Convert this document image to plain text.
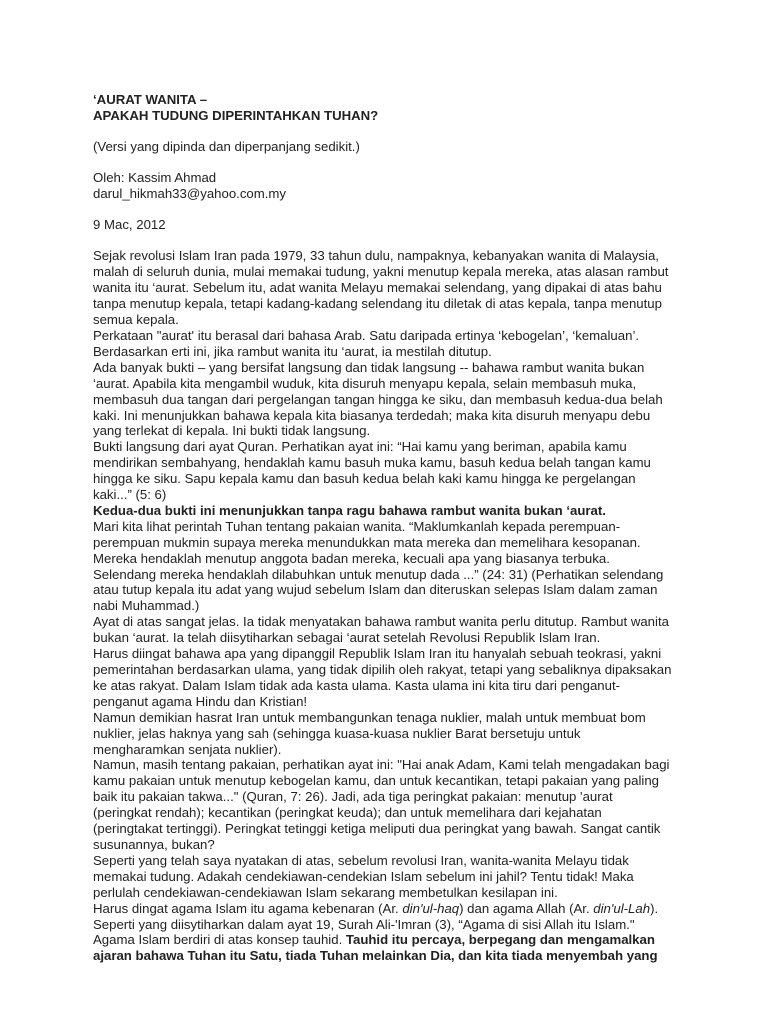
‘AURAT WANITA –

APAKAH TUDUNG DIPERINTAHKAN TUHAN?

(Versi yang dipinda dan diperpanjang sedikit.)

Oleh: Kassim Ahmad

darul_hikmah33@yahoo.com.my

9 Mac, 2012

Sejak revolusi Islam Iran pada 1979, 33 tahun dulu, nampaknya, kebanyakan wanita di Malaysia, malah di seluruh dunia, mulai memakai tudung, yakni menutup kepala mereka, atas alasan rambut wanita itu ‘aurat. Sebelum itu, adat wanita Melayu memakai selendang, yang dipakai di atas bahu tanpa menutup kepala, tetapi kadang-kadang selendang itu diletak di atas kepala, tanpa menutup semua kepala.

Perkataan "aurat' itu berasal dari bahasa Arab. Satu daripada ertinya ‘kebogelan’, ‘kemaluan’. Berdasarkan erti ini, jika rambut wanita itu ‘aurat, ia mestilah ditutup.

Ada banyak bukti – yang bersifat langsung dan tidak langsung -- bahawa rambut wanita bukan ‘aurat. Apabila kita mengambil wuduk, kita disuruh menyapu kepala, selain membasuh muka, membasuh dua tangan dari pergelangan tangan hingga ke siku, dan membasuh kedua-dua belah kaki. Ini menunjukkan bahawa kepala kita biasanya terdedah; maka kita disuruh menyapu debu yang terlekat di kepala. Ini bukti tidak langsung.

Bukti langsung dari ayat Quran. Perhatikan ayat ini: “Hai kamu yang beriman, apabila kamu mendirikan sembahyang, hendaklah kamu basuh muka kamu, basuh kedua belah tangan kamu hingga ke siku. Sapu kepala kamu dan basuh kedua belah kaki kamu hingga ke pergelangan kaki...” (5: 6)

Kedua-dua bukti ini menunjukkan tanpa ragu bahawa rambut wanita bukan ‘aurat.

Mari kita lihat perintah Tuhan tentang pakaian wanita. “Maklumkanlah kepada perempuan-perempuan mukmin supaya mereka menundukkan mata mereka dan memelihara kesopanan. Mereka hendaklah menutup anggota badan mereka, kecuali apa yang biasanya terbuka. Selendang mereka hendaklah dilabuhkan untuk menutup dada ...” (24: 31) (Perhatikan selendang atau tutup kepala itu adat yang wujud sebelum Islam dan diteruskan selepas Islam dalam zaman nabi Muhammad.)

Ayat di atas sangat jelas. Ia tidak menyatakan bahawa rambut wanita perlu ditutup. Rambut wanita bukan ‘aurat. Ia telah diisytiharkan sebagai ‘aurat setelah Revolusi Republik Islam Iran.

Harus diingat bahawa apa yang dipanggil Republik Islam Iran itu hanyalah sebuah teokrasi, yakni pemerintahan berdasarkan ulama, yang tidak dipilih oleh rakyat, tetapi yang sebaliknya dipaksakan ke atas rakyat. Dalam Islam tidak ada kasta ulama. Kasta ulama ini kita tiru dari penganut-penganut agama Hindu dan Kristian!

Namun demikian hasrat Iran untuk membangunkan tenaga nuklier, malah untuk membuat bom nuklier, jelas haknya yang sah (sehingga kuasa-kuasa nuklier Barat bersetuju untuk mengharamkan senjata nuklier).

Namun, masih tentang pakaian, perhatikan ayat ini: "Hai anak Adam, Kami telah mengadakan bagi kamu pakaian untuk menutup kebogelan kamu, dan untuk kecantikan, tetapi pakaian yang paling baik itu pakaian takwa..." (Quran, 7: 26). Jadi, ada tiga peringkat pakaian: menutup 'aurat (peringkat rendah); kecantikan (peringkat keuda); dan untuk memelihara dari kejahatan (peringtakat tertinggi). Peringkat tetinggi ketiga meliputi dua peringkat yang bawah. Sangat cantik susunannya, bukan?

Seperti yang telah saya nyatakan di atas, sebelum revolusi Iran, wanita-wanita Melayu tidak memakai tudung. Adakah cendekiawan-cendekian Islam sebelum ini jahil? Tentu tidak! Maka perlulah cendekiawan-cendekiawan Islam sekarang membetulkan kesilapan ini.

Harus dingat agama Islam itu agama kebenaran (Ar. din'ul-haq) dan agama Allah (Ar. din'ul-Lah).

Seperti yang diisytiharkan dalam ayat 19, Surah Ali-'Imran (3), “Agama di sisi Allah itu Islam."

Agama Islam berdiri di atas konsep tauhid. Tauhid itu percaya, berpegang dan mengamalkan ajaran bahawa Tuhan itu Satu, tiada Tuhan melainkan Dia, dan kita tiada menyembah yang
